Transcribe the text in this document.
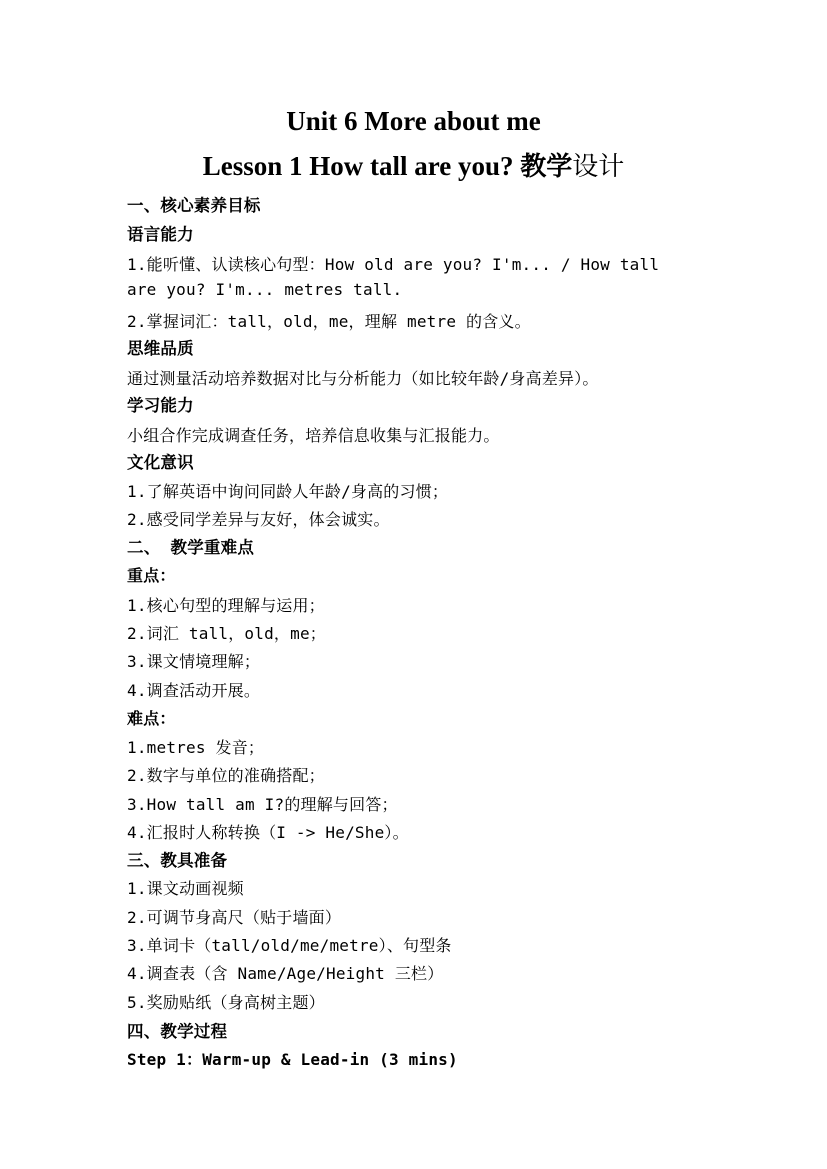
Unit 6 More about me
Lesson 1 How tall are you? 教学设计
一、核心素养目标
语言能力
1.能听懂、认读核心句型：How old are you? I'm... / How tall
are you? I'm... metres tall.
2.掌握词汇：tall，old，me，理解 metre 的含义。
思维品质
通过测量活动培养数据对比与分析能力（如比较年龄/身高差异）。
学习能力
小组合作完成调查任务，培养信息收集与汇报能力。
文化意识
1.了解英语中询问同龄人年龄/身高的习惯；
2.感受同学差异与友好，体会诚实。
二、 教学重难点
重点：
1.核心句型的理解与运用；
2.词汇 tall，old，me；
3.课文情境理解；
4.调查活动开展。
难点：
1.metres 发音；
2.数字与单位的准确搭配；
3.How tall am I?的理解与回答；
4.汇报时人称转换（I -> He/She）。
三、教具准备
1.课文动画视频
2.可调节身高尺（贴于墙面）
3.单词卡（tall/old/me/metre）、句型条
4.调查表（含 Name/Age/Height 三栏）
5.奖励贴纸（身高树主题）
四、教学过程
Step 1：Warm-up & Lead-in (3 mins)
